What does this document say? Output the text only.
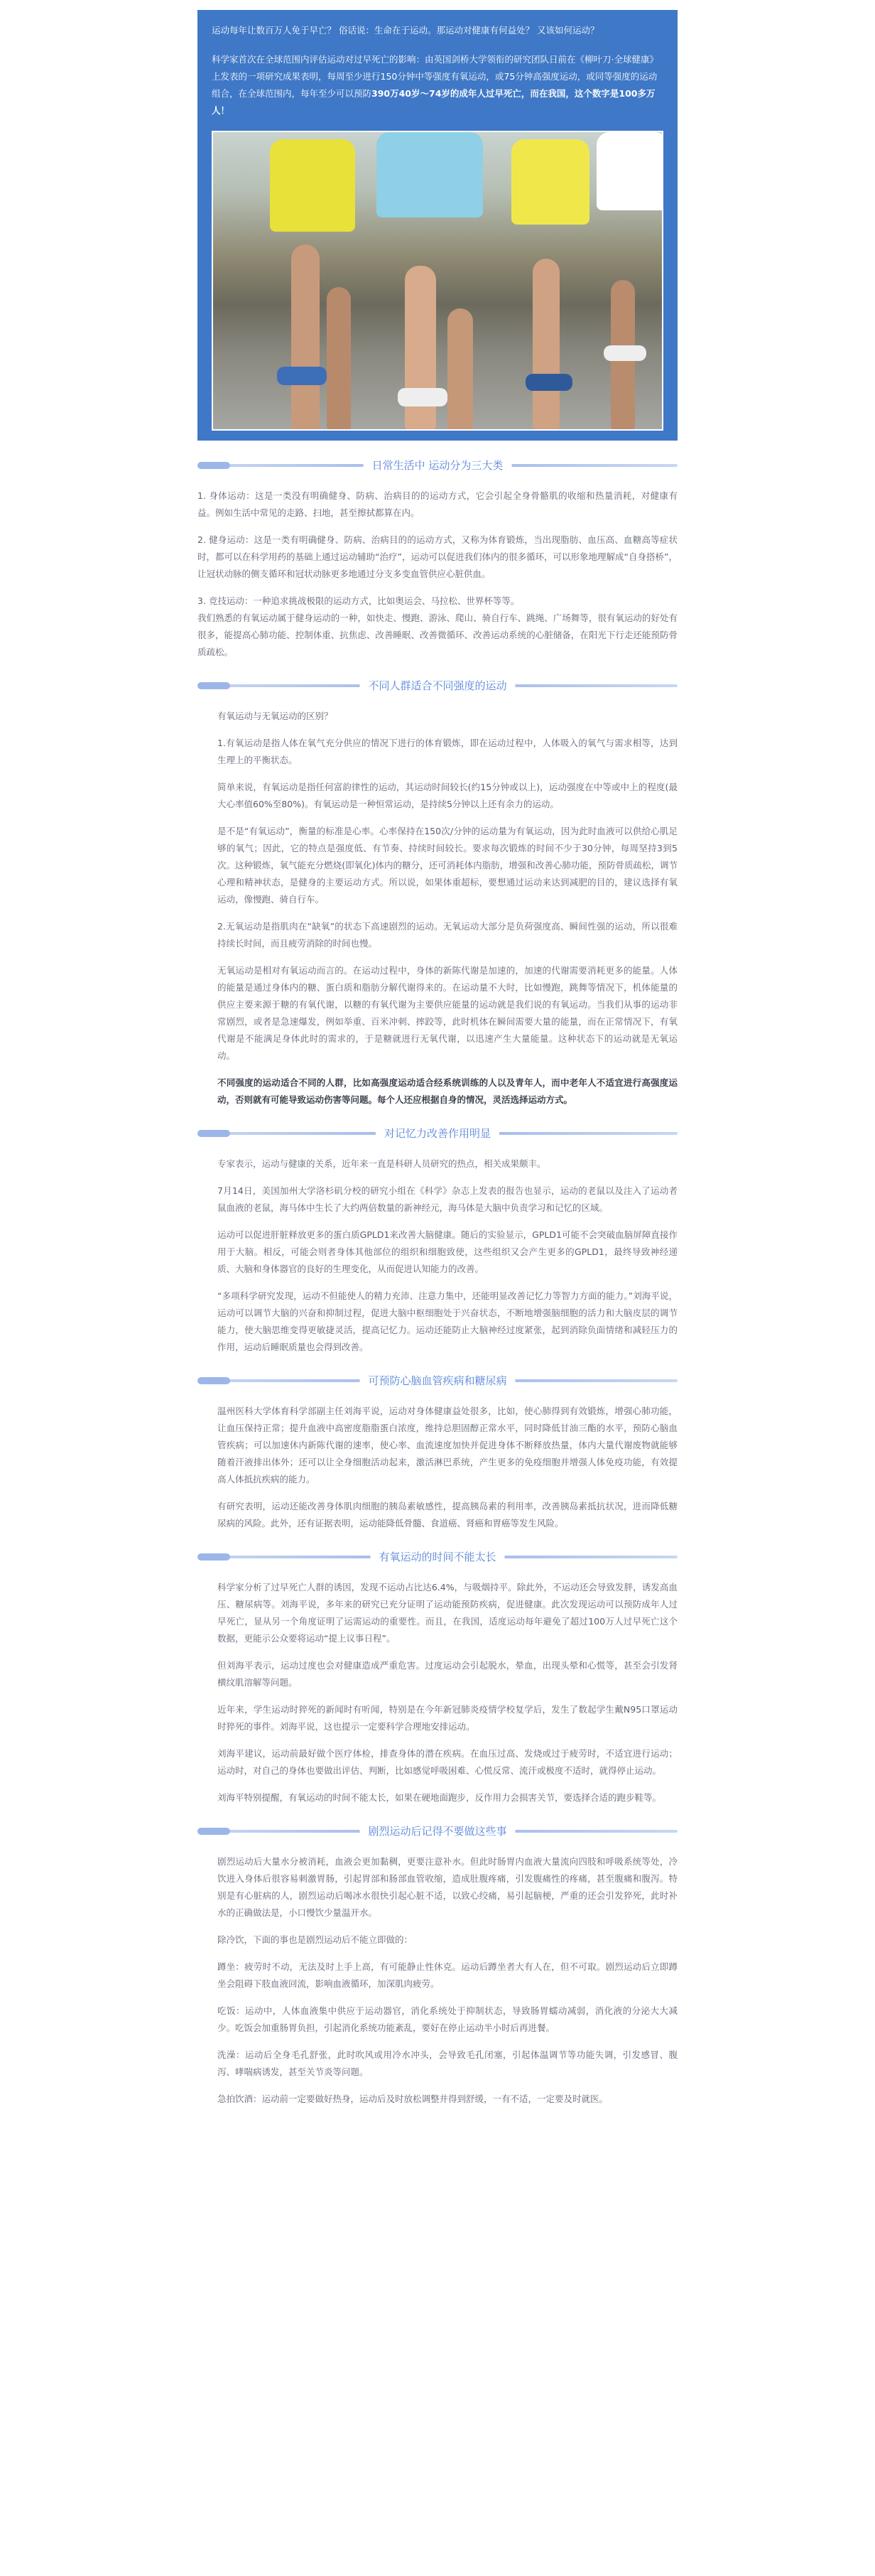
运动每年让数百万人免于早亡？ 俗话说：生命在于运动。那运动对健康有何益处？ 又该如何运动？

科学家首次在全球范围内评估运动对过早死亡的影响：由英国剑桥大学领衔的研究团队日前在《柳叶刀·全球健康》上发表的一项研究成果表明，每周至少进行150分钟中等强度有氧运动，或75分钟高强度运动，或同等强度的运动组合，在全球范围内，每年至少可以预防390万40岁～74岁的成年人过早死亡，而在我国，这个数字是100多万人！

日常生活中 运动分为三大类

1. 身体运动：这是一类没有明确健身、防病、治病目的的运动方式，它会引起全身骨骼肌的收缩和热量消耗，对健康有益。例如生活中常见的走路、扫地，甚至擦拭都算在内。

2. 健身运动：这是一类有明确健身、防病、治病目的的运动方式，又称为体育锻炼，当出现脂肪、血压高、血糖高等症状时，都可以在科学用药的基础上通过运动辅助“治疗”，运动可以促进我们体内的很多循环，可以形象地理解成“自身搭桥”，让冠状动脉的侧支循环和冠状动脉更多地通过分支多变血管供应心脏供血。

3. 竞技运动：一种追求挑战极限的运动方式，比如奥运会、马拉松、世界杯等等。
我们熟悉的有氧运动属于健身运动的一种，如快走、慢跑、游泳、爬山、骑自行车、跳绳、广场舞等，很有氧运动的好处有很多，能提高心肺功能、控制体重、抗焦虑、改善睡眠、改善微循环、改善运动系统的心脏储备，在阳光下行走还能预防骨质疏松。

不同人群适合不同强度的运动

有氧运动与无氧运动的区别？

1.有氧运动是指人体在氧气充分供应的情况下进行的体育锻炼，即在运动过程中，人体吸入的氧气与需求相等，达到生理上的平衡状态。

简单来说，有氧运动是指任何富韵律性的运动，其运动时间较长(约15分钟或以上)，运动强度在中等或中上的程度(最大心率值60%至80%)。有氧运动是一种恒常运动，是持续5分钟以上还有余力的运动。

是不是“有氧运动”，衡量的标准是心率。心率保持在150次/分钟的运动量为有氧运动，因为此时血液可以供给心肌足够的氧气；因此，它的特点是强度低、有节奏、持续时间较长。要求每次锻炼的时间不少于30分钟，每周坚持3到5次。这种锻炼，氧气能充分燃烧(即氧化)体内的糖分，还可消耗体内脂肪，增强和改善心肺功能，预防骨质疏松，调节心理和精神状态，是健身的主要运动方式。所以说，如果体重超标，要想通过运动来达到减肥的目的，建议选择有氧运动，像慢跑、骑自行车。

2.无氧运动是指肌肉在“缺氧”的状态下高速剧烈的运动。无氧运动大部分是负荷强度高、瞬间性强的运动，所以很难持续长时间，而且疲劳消除的时间也慢。

无氧运动是相对有氧运动而言的。在运动过程中，身体的新陈代谢是加速的，加速的代谢需要消耗更多的能量。人体的能量是通过身体内的糖、蛋白质和脂肪分解代谢得来的。在运动量不大时，比如慢跑，跳舞等情况下，机体能量的供应主要来源于糖的有氧代谢，以糖的有氧代谢为主要供应能量的运动就是我们说的有氧运动。当我们从事的运动非常剧烈，或者是急速爆发，例如举重、百米冲刺、摔跤等，此时机体在瞬间需要大量的能量，而在正常情况下，有氧代谢是不能满足身体此时的需求的，于是糖就进行无氧代谢，以迅速产生大量能量。这种状态下的运动就是无氧运动。

不同强度的运动适合不同的人群，比如高强度运动适合经系统训练的人以及青年人，而中老年人不适宜进行高强度运动，否则就有可能导致运动伤害等问题。每个人还应根据自身的情况，灵活选择运动方式。

对记忆力改善作用明显

专家表示，运动与健康的关系，近年来一直是科研人员研究的热点，相关成果颇丰。

7月14日，美国加州大学洛杉矶分校的研究小组在《科学》杂志上发表的报告也显示，运动的老鼠以及注入了运动者鼠血液的老鼠，海马体中生长了大约两倍数量的新神经元，海马体是大脑中负责学习和记忆的区域。

运动可以促进肝脏释放更多的蛋白质GPLD1来改善大脑健康。随后的实验显示，GPLD1可能不会突破血脑屏障直接作用于大脑。相反，可能会则者身体其他部位的组织和细胞致使，这些组织又会产生更多的GPLD1，最终导致神经递质、大脑和身体器官的良好的生理变化，从而促进认知能力的改善。

“多项科学研究发现，运动不但能使人的精力充沛、注意力集中，还能明显改善记忆力等智力方面的能力。”刘海平说，运动可以调节大脑的兴奋和抑制过程，促进大脑中枢细胞处于兴奋状态，不断地增强脑细胞的活力和大脑皮层的调节能力，使大脑思维变得更敏捷灵活，提高记忆力。运动还能防止大脑神经过度紧张，起到消除负面情绪和减轻压力的作用，运动后睡眠质量也会得到改善。

可预防心脑血管疾病和糖尿病

温州医科大学体育科学部副主任刘海平说，运动对身体健康益处很多，比如，使心肺得到有效锻炼，增强心肺功能，让血压保持正常；提升血液中高密度脂脂蛋白浓度，维持总胆固醇正常水平，同时降低甘油三酯的水平，预防心脑血管疾病；可以加速休内新陈代谢的速率，使心率、血流速度加快并促进身体不断释放热量，体内大量代谢废物就能够随着汗液排出体外；还可以让全身细胞活动起来，激活淋巴系统，产生更多的免疫细胞并增强人体免疫功能，有效提高人体抵抗疾病的能力。

有研究表明，运动还能改善身体肌肉细胞的胰岛素敏感性，提高胰岛素的利用率，改善胰岛素抵抗状况，进而降低糖尿病的风险。此外，还有证据表明，运动能降低骨髓、食道癌、肾癌和胃癌等发生风险。

有氧运动的时间不能太长

科学家分析了过早死亡人群的诱因，发现不运动占比达6.4%，与吸烟持平。除此外，不运动还会导致发胖，诱发高血压、糖尿病等。刘海平说，多年来的研究已充分证明了运动能预防疾病，促进健康。此次发现运动可以预防成年人过早死亡，显从另一个角度证明了运需运动的重要性。而且，在我国，适度运动每年避免了超过100万人过早死亡这个数据，更能示公众要将运动“提上议事日程”。

但刘海平表示，运动过度也会对健康造成严重危害。过度运动会引起脱水，晕血，出现头晕和心慌等，甚至会引发肾横纹肌溶解等问题。

近年来，学生运动时猝死的新闻时有听闻，特别是在今年新冠肺炎疫情学校复学后，发生了数起学生戴N95口罩运动时猝死的事件。刘海平说，这也提示一定要科学合理地安排运动。

刘海平建议，运动前最好做个医疗体检，排查身体的潜在疾病。在血压过高、发烧或过于疲劳时，不适宜进行运动；运动时，对自己的身体也要做出评估、判断，比如感觉呼吸困难、心慌反常、流汗或极度不适时，就得停止运动。

刘海平特别提醒，有氧运动的时间不能太长，如果在硬地面跑步，反作用力会损害关节，要选择合适的跑步鞋等。

剧烈运动后记得不要做这些事

剧烈运动后大量水分被消耗，血液会更加黏稠，更要注意补水。但此时肠胃内血液大量流向四肢和呼吸系统等处，冷饮进入身体后很容易刺激胃肠，引起胃部和肠部血管收缩，造成肚腹疼痛，引发腹痛性的疼痛，甚至腹痛和腹泻。特别是有心脏病的人，剧烈运动后喝冰水很快引起心脏不适，以致心绞痛，易引起脑梗，严重的还会引发猝死，此时补水的正确做法是，小口慢饮少量温开水。

除冷饮，下面的事也是剧烈运动后不能立即做的：

蹲坐：疲劳时不动，无法及时上手上高，有可能静止性休克。运动后蹲坐者大有人在，但不可取。剧烈运动后立即蹲坐会阻碍下肢血液回流，影响血液循环，加深肌肉疲劳。

吃饭：运动中，人体血液集中供应于运动器官，消化系统处于抑制状态，导致肠胃蠕动减弱，消化液的分泌大大减少。吃饭会加重肠胃负担，引起消化系统功能紊乱，要好在停止运动半小时后再进餐。

洗澡：运动后全身毛孔舒张，此时吹风或用冷水冲头，会导致毛孔闭塞，引起体温调节等功能失调，引发感冒、腹泻、哮喘病诱发，甚至关节炎等问题。

急拍饮酒：运动前一定要做好热身，运动后及时放松调整并得到舒缓，一有不适，一定要及时就医。
